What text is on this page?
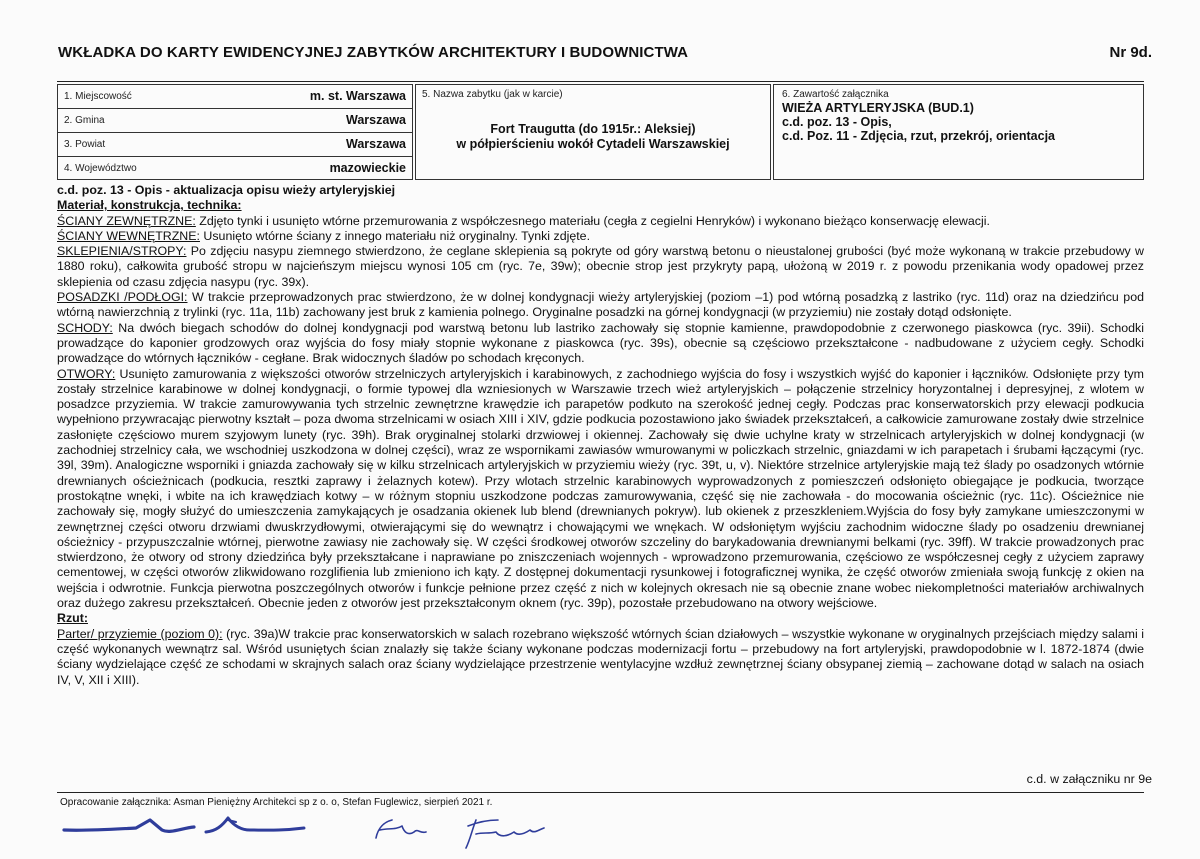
WKŁADKA DO KARTY EWIDENCYJNEJ ZABYTKÓW ARCHITEKTURY I BUDOWNICTWA	Nr 9d.
1. Miejscowość	m. st. Warszawa
2. Gmina	Warszawa
3. Powiat	Warszawa
4. Województwo	mazowieckie
5. Nazwa zabytku (jak w karcie)
Fort Traugutta (do 1915r.: Aleksiej)
w półpierścieniu wokół Cytadeli Warszawskiej
6. Zawartość załącznika
WIEŻA ARTYLERYJSKA (BUD.1)
c.d. poz. 13 - Opis,
c.d. Poz. 11 - Zdjęcia, rzut, przekrój, orientacja

c.d. poz. 13 - Opis - aktualizacja opisu wieży artyleryjskiej

Materiał, konstrukcja, technika:

ŚCIANY ZEWNĘTRZNE: Zdjęto tynki i usunięto wtórne przemurowania z współczesnego materiału (cegła z cegielni Henryków) i wykonano bieżąco konserwację elewacji.

ŚCIANY WEWNĘTRZNE: Usunięto wtórne ściany z innego materiału niż oryginalny. Tynki zdjęte.

SKLEPIENIA/STROPY: Po zdjęciu nasypu ziemnego stwierdzono, że ceglane sklepienia są pokryte od góry warstwą betonu o nieustalonej grubości (być może wykonaną w trakcie przebudowy w 1880 roku), całkowita grubość stropu w najcieńszym miejscu wynosi 105 cm (ryc. 7e, 39w); obecnie strop jest przykryty papą, ułożoną w 2019 r. z powodu przenikania wody opadowej przez sklepienia od czasu zdjęcia nasypu (ryc. 39x).

POSADZKI /PODŁOGI: W trakcie przeprowadzonych prac stwierdzono, że w dolnej kondygnacji wieży artyleryjskiej (poziom –1) pod wtórną posadzką z lastriko (ryc. 11d) oraz na dziedzińcu pod wtórną nawierzchnią z trylinki (ryc. 11a, 11b) zachowany jest bruk z kamienia polnego. Oryginalne posadzki na górnej kondygnacji (w przyziemiu) nie zostały dotąd odsłonięte.

SCHODY: Na dwóch biegach schodów do dolnej kondygnacji pod warstwą betonu lub lastriko zachowały się stopnie kamienne, prawdopodobnie z czerwonego piaskowca (ryc. 39ii). Schodki prowadzące do kaponier grodzowych oraz wyjścia do fosy miały stopnie wykonane z piaskowca (ryc. 39s), obecnie są częściowo przekształcone - nadbudowane z użyciem cegły. Schodki prowadzące do wtórnych łączników - cegłane. Brak widocznych śladów po schodach kręconych.

OTWORY: Usunięto zamurowania z większości otworów strzelniczych artyleryjskich i karabinowych, z zachodniego wyjścia do fosy i wszystkich wyjść do kaponier i łączników. Odsłonięte przy tym zostały strzelnice karabinowe w dolnej kondygnacji, o formie typowej dla wzniesionych w Warszawie trzech wież artyleryjskich – połączenie strzelnicy horyzontalnej i depresyjnej, z wlotem w posadzce przyziemia. W trakcie zamurowywania tych strzelnic zewnętrzne krawędzie ich parapetów podkuto na szerokość jednej cegły. Podczas prac konserwatorskich przy elewacji podkucia wypełniono przywracając pierwotny kształt – poza dwoma strzelnicami w osiach XIII i XIV, gdzie podkucia pozostawiono jako świadek przekształceń, a całkowicie zamurowane zostały dwie strzelnice zasłonięte częściowo murem szyjowym lunety (ryc. 39h). Brak oryginalnej stolarki drzwiowej i okiennej. Zachowały się dwie uchylne kraty w strzelnicach artyleryjskich w dolnej kondygnacji (w zachodniej strzelnicy cała, we wschodniej uszkodzona w dolnej części), wraz ze wspornikami zawiasów wmurowanymi w policzkach strzelnic, gniazdami w ich parapetach i śrubami łączącymi (ryc. 39l, 39m). Analogiczne wsporniki i gniazda zachowały się w kilku strzelnicach artyleryjskich w przyziemiu wieży (ryc. 39t, u, v). Niektóre strzelnice artyleryjskie mają też ślady po osadzonych wtórnie drewnianych ościeżnicach (podkucia, resztki zaprawy i żelaznych kotew). Przy wlotach strzelnic karabinowych wyprowadzonych z pomieszczeń odsłonięto obiegające je podkucia, tworzące prostokątne wnęki, i wbite na ich krawędziach kotwy – w różnym stopniu uszkodzone podczas zamurowywania, część się nie zachowała - do mocowania ościeżnic (ryc. 11c). Ościeżnice nie zachowały się, mogły służyć do umieszczenia zamykających je osadzania okienek lub blend (drewnianych pokryw). lub okienek z przeszkleniem.Wyjścia do fosy były zamykane umieszczonymi w zewnętrznej części otworu drzwiami dwuskrzydłowymi, otwierającymi się do wewnątrz i chowającymi we wnękach. W odsłoniętym wyjściu zachodnim widoczne ślady po osadzeniu drewnianej ościeżnicy - przypuszczalnie wtórnej, pierwotne zawiasy nie zachowały się. W części środkowej otworów szczeliny do barykadowania drewnianymi belkami (ryc. 39ff). W trakcie prowadzonych prac stwierdzono, że otwory od strony dziedzińca były przekształcane i naprawiane po zniszczeniach wojennych - wprowadzono przemurowania, częściowo ze współczesnej cegły z użyciem zaprawy cementowej, w części otworów zlikwidowano rozglifienia lub zmieniono ich kąty. Z dostępnej dokumentacji rysunkowej i fotograficznej wynika, że część otworów zmieniała swoją funkcję z okien na wejścia i odwrotnie. Funkcja pierwotna poszczególnych otworów i funkcje pełnione przez część z nich w kolejnych okresach nie są obecnie znane wobec niekompletności materiałów archiwalnych oraz dużego zakresu przekształceń. Obecnie jeden z otworów jest przekształconym oknem (ryc. 39p), pozostałe przebudowano na otwory wejściowe.

Rzut:

Parter/ przyziemie (poziom 0): (ryc. 39a)W trakcie prac konserwatorskich w salach rozebrano większość wtórnych ścian działowych – wszystkie wykonane w oryginalnych przejściach między salami i część wykonanych wewnątrz sal. Wśród usuniętych ścian znalazły się także ściany wykonane podczas modernizacji fortu – przebudowy na fort artyleryjski, prawdopodobnie w l. 1872-1874 (dwie ściany wydzielające część ze schodami w skrajnych salach oraz ściany wydzielające przestrzenie wentylacyjne wzdłuż zewnętrznej ściany obsypanej ziemią – zachowane dotąd w salach na osiach IV, V, XII i XIII).

c.d. w załączniku nr 9e
Opracowanie załącznika: Asman Pieniężny Architekci sp z o. o, Stefan Fuglewicz, sierpień 2021 r.
